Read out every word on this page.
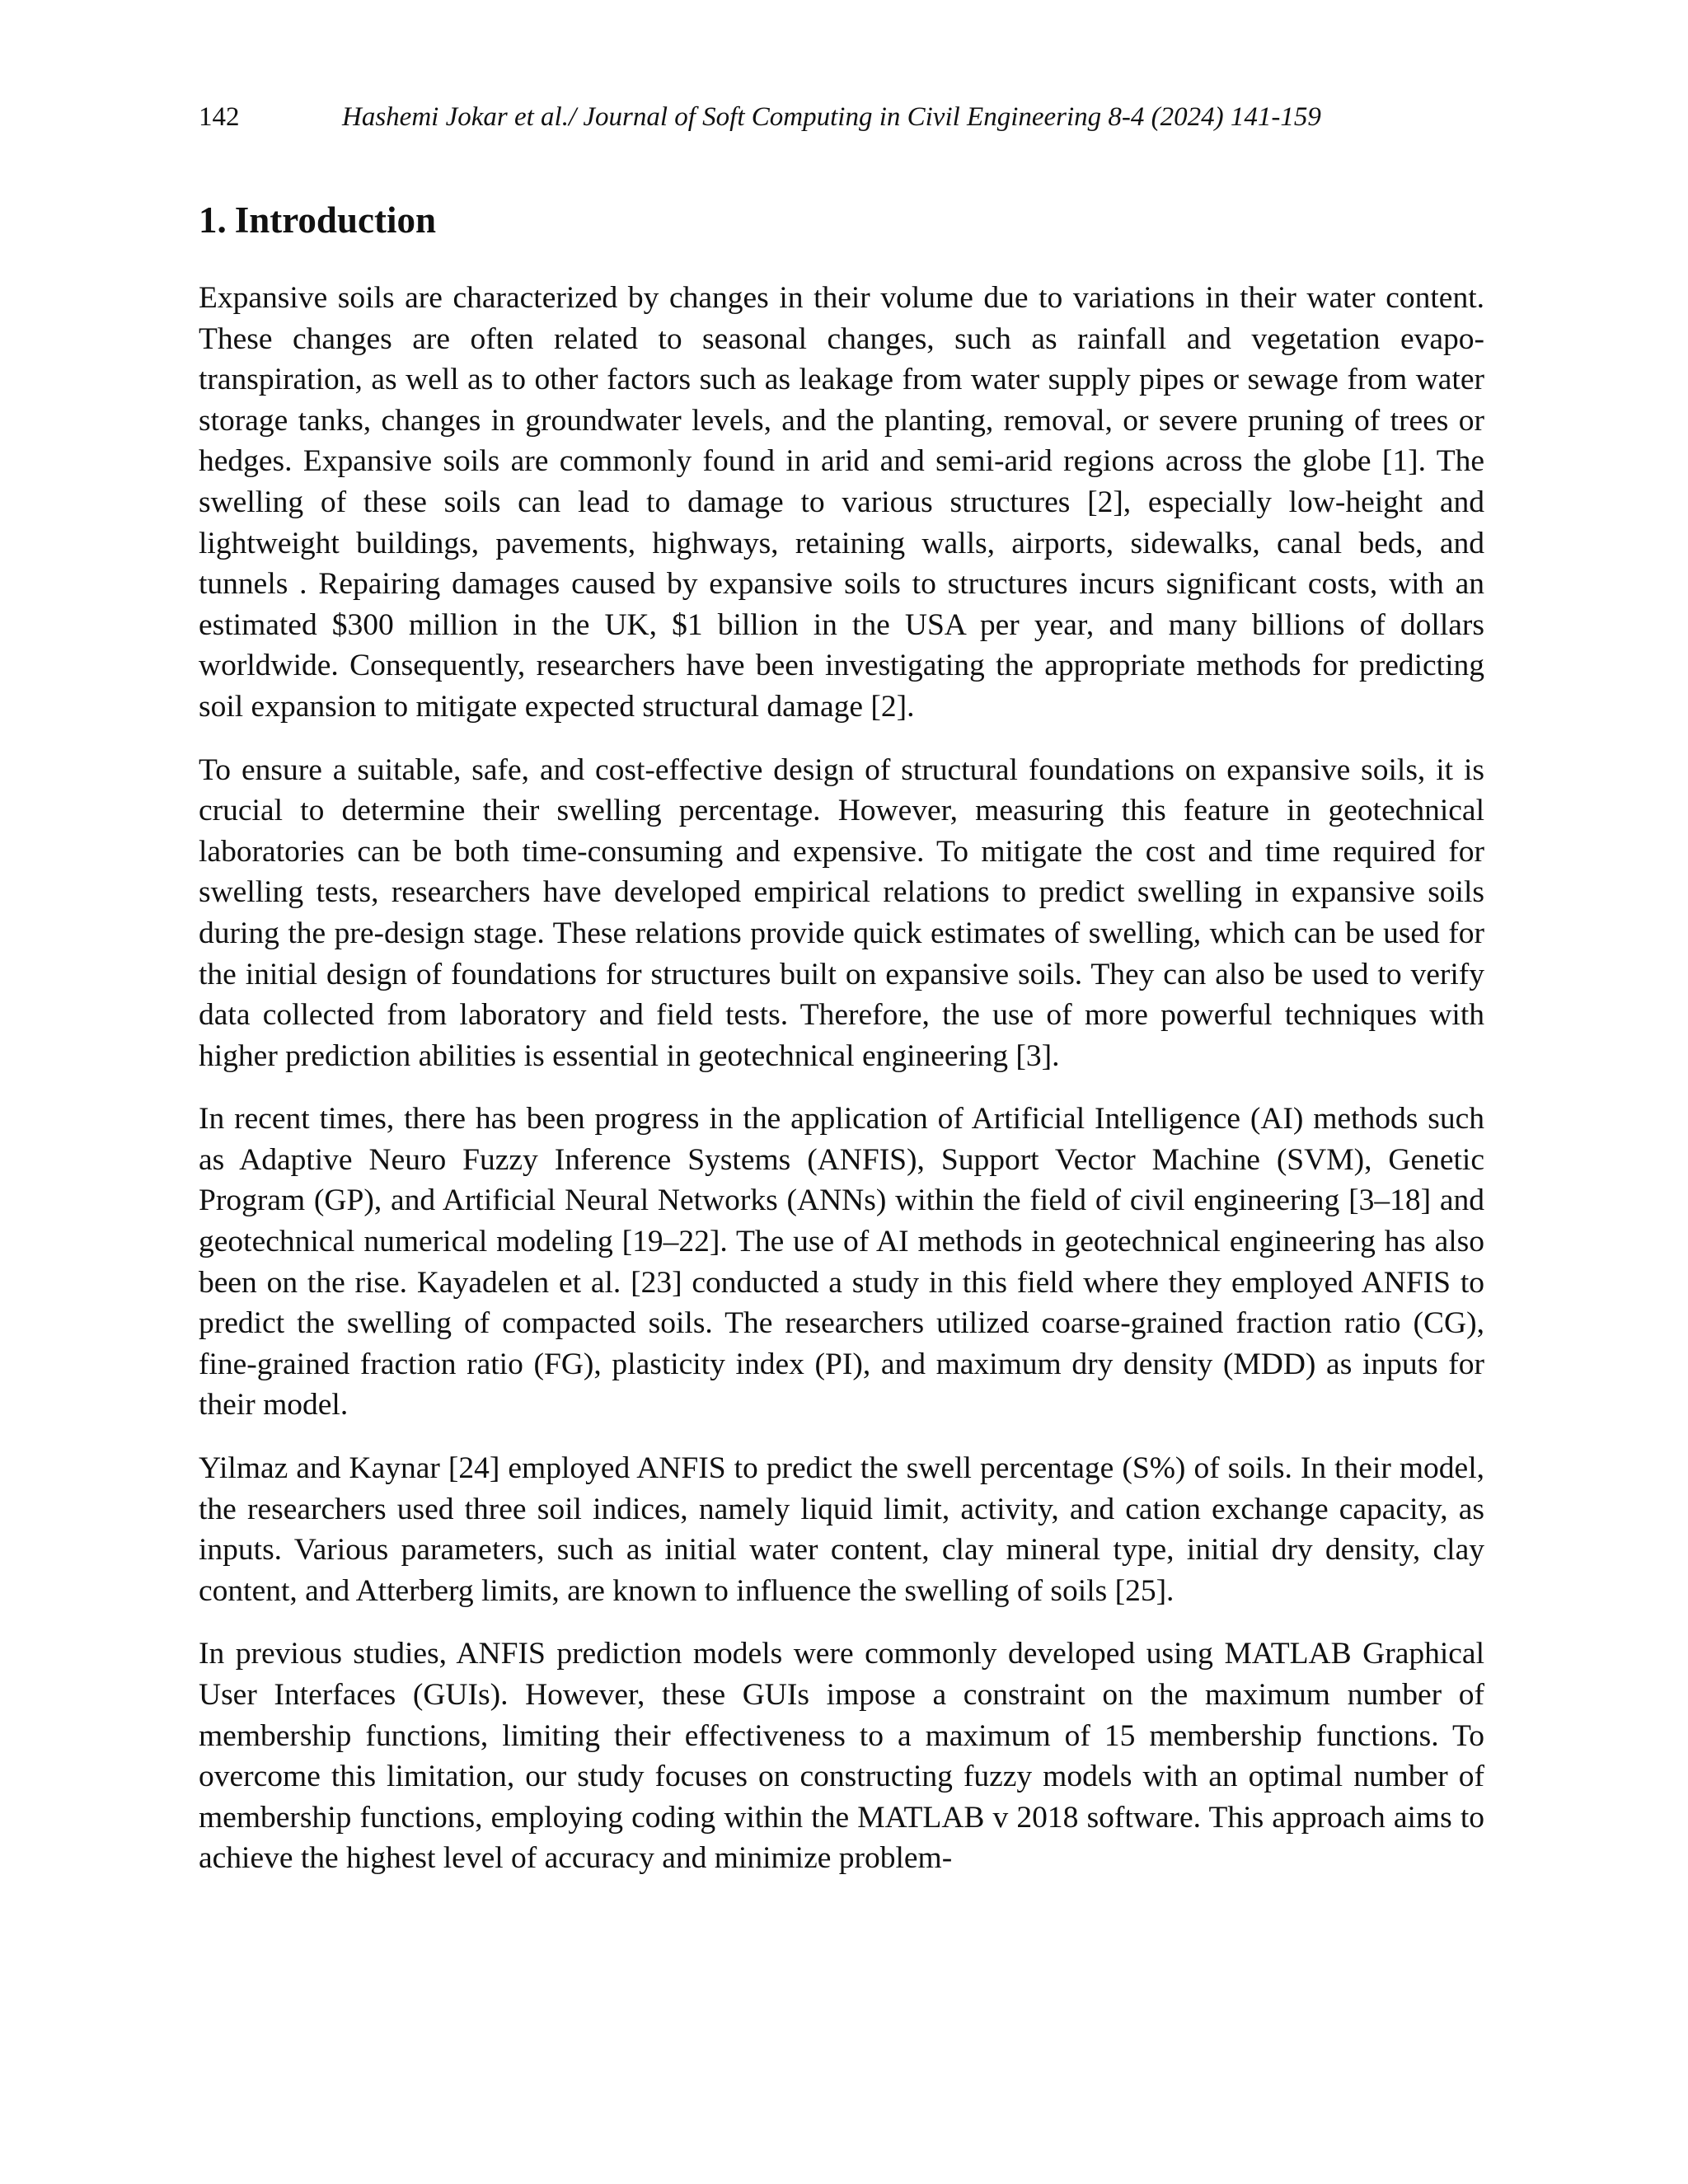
142	Hashemi Jokar et al./ Journal of Soft Computing in Civil Engineering 8-4 (2024) 141-159
1. Introduction

Expansive soils are characterized by changes in their volume due to variations in their water content. These changes are often related to seasonal changes, such as rainfall and vegetation evapo-transpiration, as well as to other factors such as leakage from water supply pipes or sewage from water storage tanks, changes in groundwater levels, and the planting, removal, or severe pruning of trees or hedges. Expansive soils are commonly found in arid and semi-arid regions across the globe [1]. The swelling of these soils can lead to damage to various structures [2], especially low-height and lightweight buildings, pavements, highways, retaining walls, airports, sidewalks, canal beds, and tunnels . Repairing damages caused by expansive soils to structures incurs significant costs, with an estimated $300 million in the UK, $1 billion in the USA per year, and many billions of dollars worldwide. Consequently, researchers have been investigating the appropriate methods for predicting soil expansion to mitigate expected structural damage [2].

To ensure a suitable, safe, and cost-effective design of structural foundations on expansive soils, it is crucial to determine their swelling percentage. However, measuring this feature in geotechnical laboratories can be both time-consuming and expensive. To mitigate the cost and time required for swelling tests, researchers have developed empirical relations to predict swelling in expansive soils during the pre-design stage. These relations provide quick estimates of swelling, which can be used for the initial design of foundations for structures built on expansive soils. They can also be used to verify data collected from laboratory and field tests. Therefore, the use of more powerful techniques with higher prediction abilities is essential in geotechnical engineering [3].

In recent times, there has been progress in the application of Artificial Intelligence (AI) methods such as Adaptive Neuro Fuzzy Inference Systems (ANFIS), Support Vector Machine (SVM), Genetic Program (GP), and Artificial Neural Networks (ANNs) within the field of civil engineering [3–18] and geotechnical numerical modeling [19–22]. The use of AI methods in geotechnical engineering has also been on the rise. Kayadelen et al. [23] conducted a study in this field where they employed ANFIS to predict the swelling of compacted soils. The researchers utilized coarse-grained fraction ratio (CG), fine-grained fraction ratio (FG), plasticity index (PI), and maximum dry density (MDD) as inputs for their model.

Yilmaz and Kaynar [24] employed ANFIS to predict the swell percentage (S%) of soils. In their model, the researchers used three soil indices, namely liquid limit, activity, and cation exchange capacity, as inputs. Various parameters, such as initial water content, clay mineral type, initial dry density, clay content, and Atterberg limits, are known to influence the swelling of soils [25].

In previous studies, ANFIS prediction models were commonly developed using MATLAB Graphical User Interfaces (GUIs). However, these GUIs impose a constraint on the maximum number of membership functions, limiting their effectiveness to a maximum of 15 membership functions. To overcome this limitation, our study focuses on constructing fuzzy models with an optimal number of membership functions, employing coding within the MATLAB v 2018 software. This approach aims to achieve the highest level of accuracy and minimize problem-
